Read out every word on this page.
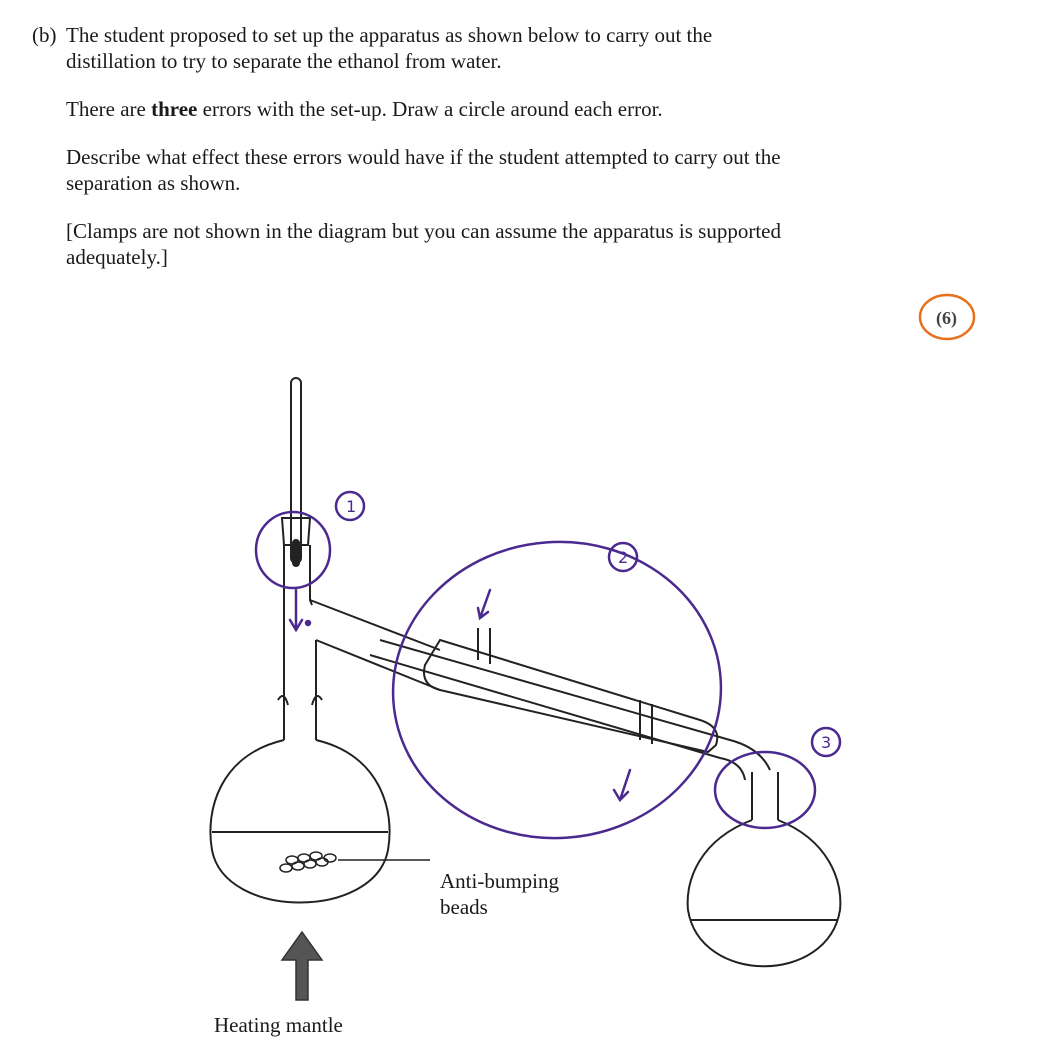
(b) The student proposed to set up the apparatus as shown below to carry out the

distillation to try to separate the ethanol from water.

There are three errors with the set-up. Draw a circle around each error.

Describe what effect these errors would have if the student attempted to carry out the

separation as shown.

[Clamps are not shown in the diagram but you can assume the apparatus is supported

adequately.]

(6)
1
2
3
Anti-bumping
beads
Heating mantle
